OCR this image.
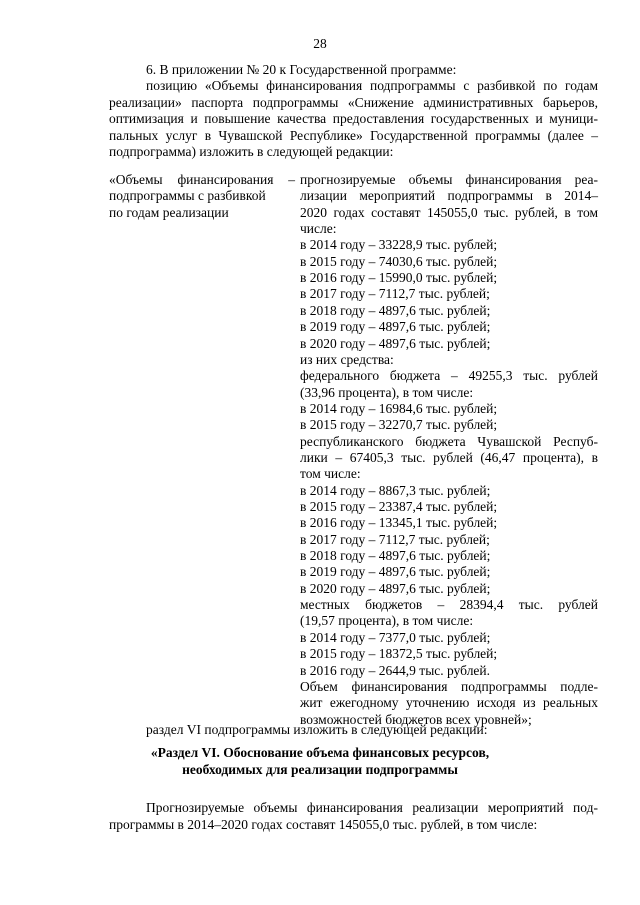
28
6. В приложении № 20 к Государственной программе:
позицию «Объемы финансирования подпрограммы с разбивкой по годам
реализации» паспорта подпрограммы «Снижение административных барьеров,
оптимизация и повышение качества предоставления государственных и муници-
пальных услуг в Чувашской Республике» Государственной программы (далее –
подпрограмма) изложить в следующей редакции:
«Объемы финансирования –
подпрограммы с разбивкой
по годам реализации
прогнозируемые объемы финансирования реа-
лизации мероприятий подпрограммы в 2014–
2020 годах составят 145055,0 тыс. рублей, в том
числе:
в 2014 году – 33228,9 тыс. рублей;
в 2015 году – 74030,6 тыс. рублей;
в 2016 году – 15990,0 тыс. рублей;
в 2017 году – 7112,7 тыс. рублей;
в 2018 году – 4897,6 тыс. рублей;
в 2019 году – 4897,6 тыс. рублей;
в 2020 году – 4897,6 тыс. рублей;
из них средства:
федерального бюджета – 49255,3 тыс. рублей
(33,96 процента), в том числе:
в 2014 году – 16984,6 тыс. рублей;
в 2015 году – 32270,7 тыс. рублей;
республиканского бюджета Чувашской Респуб-
лики – 67405,3 тыс. рублей (46,47 процента), в
том числе:
в 2014 году – 8867,3 тыс. рублей;
в 2015 году – 23387,4 тыс. рублей;
в 2016 году – 13345,1 тыс. рублей;
в 2017 году – 7112,7 тыс. рублей;
в 2018 году – 4897,6 тыс. рублей;
в 2019 году – 4897,6 тыс. рублей;
в 2020 году – 4897,6 тыс. рублей;
местных бюджетов – 28394,4 тыс. рублей
(19,57 процента), в том числе:
в 2014 году – 7377,0 тыс. рублей;
в 2015 году – 18372,5 тыс. рублей;
в 2016 году – 2644,9 тыс. рублей.
Объем финансирования подпрограммы подле-
жит ежегодному уточнению исходя из реальных
возможностей бюджетов всех уровней»;
раздел VI подпрограммы изложить в следующей редакции:
Прогнозируемые объемы финансирования реализации мероприятий под-
программы в 2014–2020 годах составят 145055,0 тыс. рублей, в том числе:
«Раздел VI. Обоснование объема финансовых ресурсов,
необходимых для реализации подпрограммы
